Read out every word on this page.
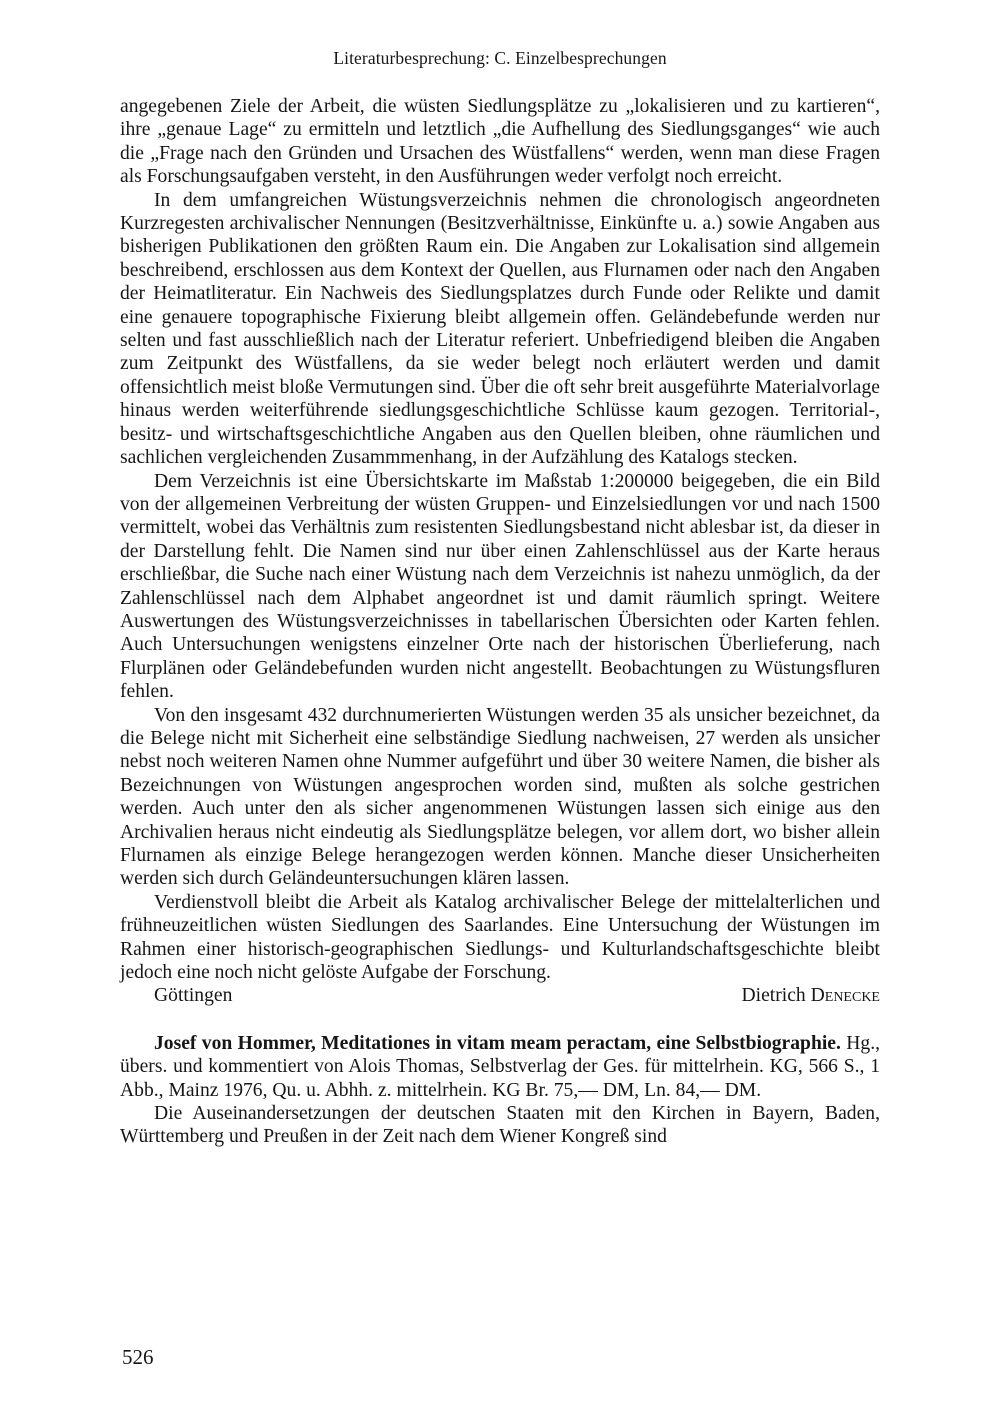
Literaturbesprechung: C. Einzelbesprechungen

angegebenen Ziele der Arbeit, die wüsten Siedlungsplätze zu „lokalisieren und zu kartieren“, ihre „genaue Lage“ zu ermitteln und letztlich „die Aufhellung des Siedlungsganges“ wie auch die „Frage nach den Gründen und Ursachen des Wüstfallens“ werden, wenn man diese Fragen als Forschungsaufgaben versteht, in den Ausführungen weder verfolgt noch erreicht.

In dem umfangreichen Wüstungsverzeichnis nehmen die chronologisch angeordneten Kurzregesten archivalischer Nennungen (Besitzverhältnisse, Einkünfte u. a.) sowie Angaben aus bisherigen Publikationen den größten Raum ein. Die Angaben zur Lokalisation sind allgemein beschreibend, erschlossen aus dem Kontext der Quellen, aus Flurnamen oder nach den Angaben der Heimatliteratur. Ein Nachweis des Siedlungsplatzes durch Funde oder Relikte und damit eine genauere topographische Fixierung bleibt allgemein offen. Geländebefunde werden nur selten und fast ausschließlich nach der Literatur referiert. Unbefriedigend bleiben die Angaben zum Zeitpunkt des Wüstfallens, da sie weder belegt noch erläutert werden und damit offensichtlich meist bloße Vermutungen sind. Über die oft sehr breit ausgeführte Materialvorlage hinaus werden weiterführende siedlungsgeschichtliche Schlüsse kaum gezogen. Territorial-, besitz- und wirtschaftsgeschichtliche Angaben aus den Quellen bleiben, ohne räumlichen und sachlichen vergleichenden Zusammmenhang, in der Aufzählung des Katalogs stecken.

Dem Verzeichnis ist eine Übersichtskarte im Maßstab 1:200000 beigegeben, die ein Bild von der allgemeinen Verbreitung der wüsten Gruppen- und Einzelsiedlungen vor und nach 1500 vermittelt, wobei das Verhältnis zum resistenten Siedlungsbestand nicht ablesbar ist, da dieser in der Darstellung fehlt. Die Namen sind nur über einen Zahlenschlüssel aus der Karte heraus erschließbar, die Suche nach einer Wüstung nach dem Verzeichnis ist nahezu unmöglich, da der Zahlenschlüssel nach dem Alphabet angeordnet ist und damit räumlich springt. Weitere Auswertungen des Wüstungsverzeichnisses in tabellarischen Übersichten oder Karten fehlen. Auch Untersuchungen wenigstens einzelner Orte nach der historischen Überlieferung, nach Flurplänen oder Geländebefunden wurden nicht angestellt. Beobachtungen zu Wüstungsfluren fehlen.

Von den insgesamt 432 durchnumerierten Wüstungen werden 35 als unsicher bezeichnet, da die Belege nicht mit Sicherheit eine selbständige Siedlung nachweisen, 27 werden als unsicher nebst noch weiteren Namen ohne Nummer aufgeführt und über 30 weitere Namen, die bisher als Bezeichnungen von Wüstungen angesprochen worden sind, mußten als solche gestrichen werden. Auch unter den als sicher angenommenen Wüstungen lassen sich einige aus den Archivalien heraus nicht eindeutig als Siedlungsplätze belegen, vor allem dort, wo bisher allein Flurnamen als einzige Belege herangezogen werden können. Manche dieser Unsicherheiten werden sich durch Geländeuntersuchungen klären lassen.

Verdienstvoll bleibt die Arbeit als Katalog archivalischer Belege der mittelalterlichen und frühneuzeitlichen wüsten Siedlungen des Saarlandes. Eine Untersuchung der Wüstungen im Rahmen einer historisch-geographischen Siedlungs- und Kulturlandschaftsgeschichte bleibt jedoch eine noch nicht gelöste Aufgabe der Forschung.

Göttingen	Dietrich Denecke

Josef von Hommer, Meditationes in vitam meam peractam, eine Selbstbiographie. Hg., übers. und kommentiert von Alois Thomas, Selbstverlag der Ges. für mittelrhein. KG, 566 S., 1 Abb., Mainz 1976, Qu. u. Abhh. z. mittelrhein. KG Br. 75,— DM, Ln. 84,— DM.

Die Auseinandersetzungen der deutschen Staaten mit den Kirchen in Bayern, Baden, Württemberg und Preußen in der Zeit nach dem Wiener Kongreß sind

526
